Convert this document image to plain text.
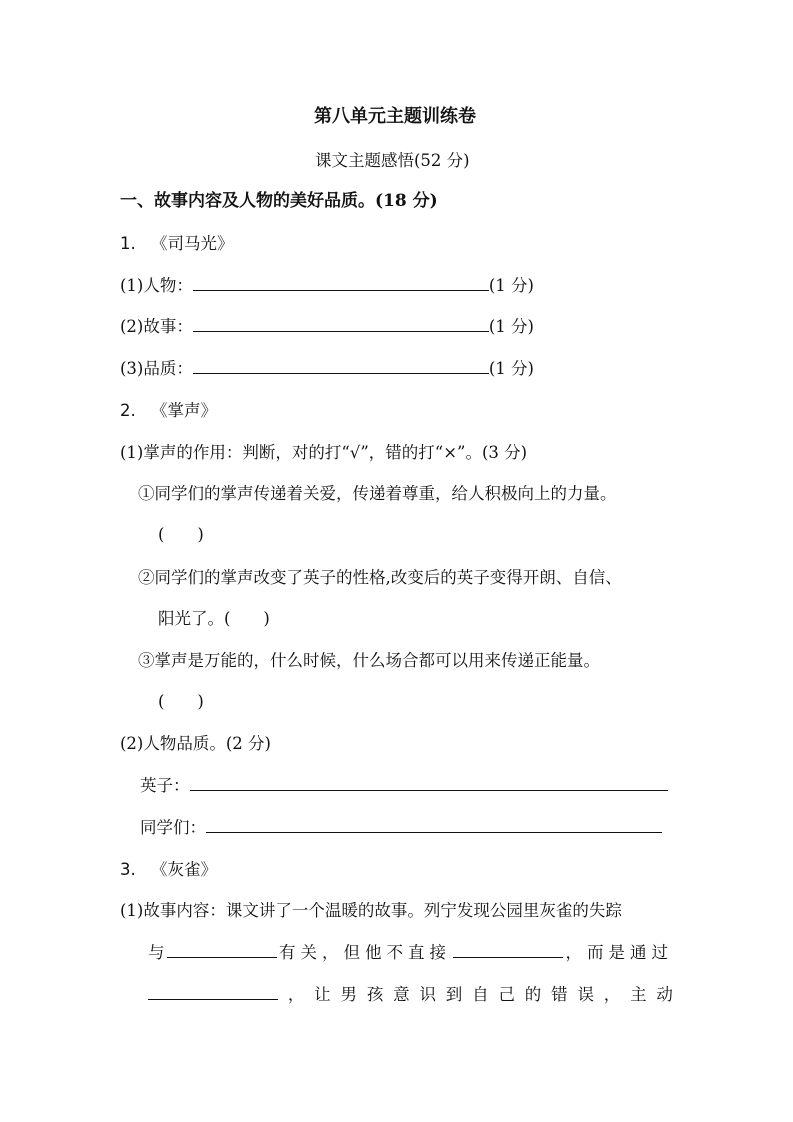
第八单元主题训练卷
课文主题感悟(52 分)
一、故事内容及人物的美好品质。(18 分)
1. 《司马光》
(1)人物：	(1 分)
(2)故事：	(1 分)
(3)品质：	(1 分)
2. 《掌声》
(1)掌声的作用：判断，对的打“√”，错的打“×”。(3 分)
①同学们的掌声传递着关爱，传递着尊重，给人积极向上的力量。
(　　)
②同学们的掌声改变了英子的性格,改变后的英子变得开朗、自信、
阳光了。(　　)
③掌声是万能的，什么时候，什么场合都可以用来传递正能量。
(　　)
(2)人物品质。(2 分)
英子：
同学们：
3. 《灰雀》
(1)故事内容：课文讲了一个温暖的故事。列宁发现公园里灰雀的失踪
与	有关，但他不直接	，而是通过
， 让 男 孩 意 识 到 自 己 的 错 误 ， 主 动
